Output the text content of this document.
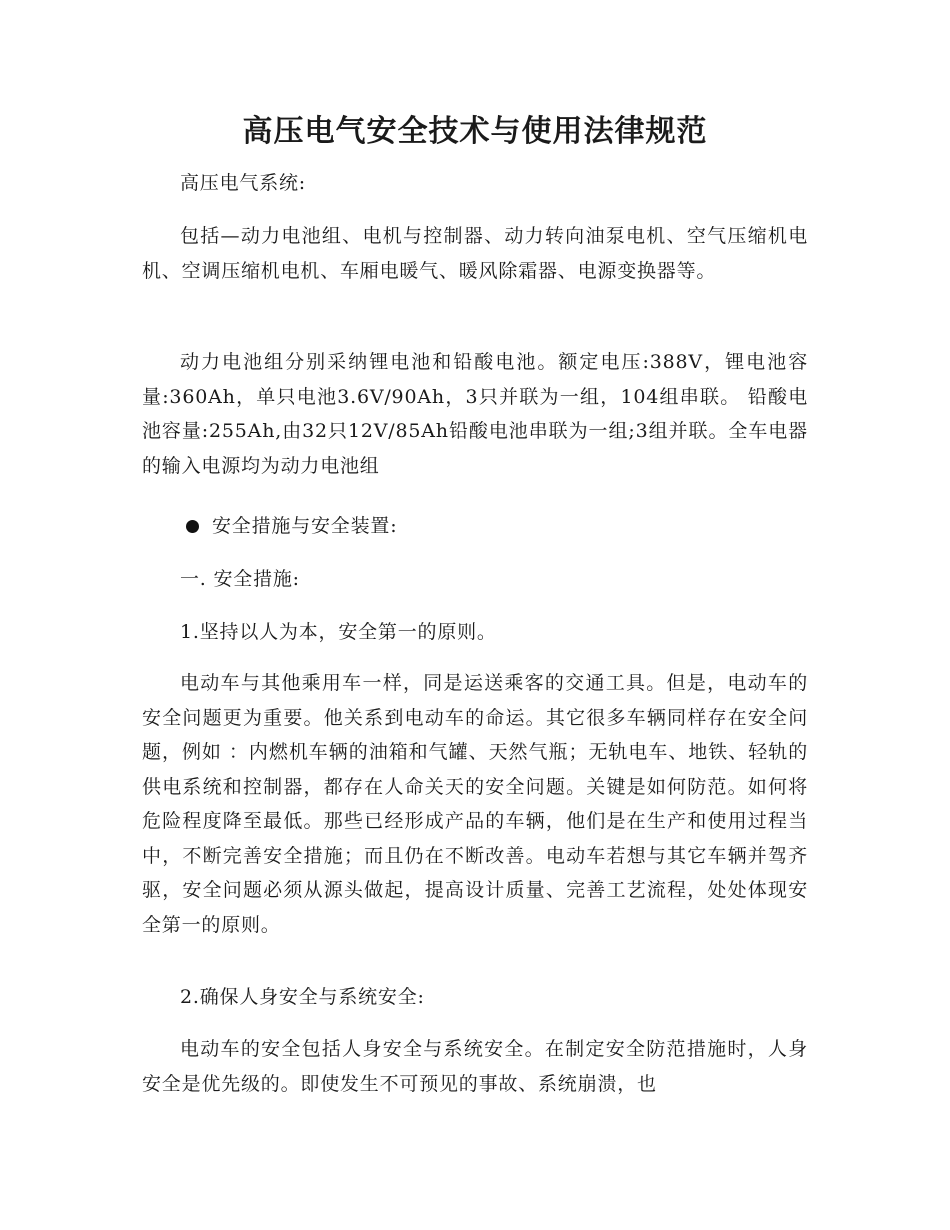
高压电气安全技术与使用法律规范

高压电气系统:

包括—动力电池组、电机与控制器、动力转向油泵电机、空气压缩机电机、空调压缩机电机、车厢电暖气、暖风除霜器、电源变换器等。

动力电池组分别采纳锂电池和铅酸电池。额定电压:388V，锂电池容量:360Ah，单只电池3.6V/90Ah，3只并联为一组，104组串联。 铅酸电池容量:255Ah,由32只12V/85Ah铅酸电池串联为一组;3组并联。全车电器的输入电源均为动力电池组

安全措施与安全装置:

一. 安全措施:

1.坚持以人为本，安全第一的原则。

电动车与其他乘用车一样，同是运送乘客的交通工具。但是，电动车的安全问题更为重要。他关系到电动车的命运。其它很多车辆同样存在安全问题，例如 ：内燃机车辆的油箱和气罐、天然气瓶；无轨电车、地铁、轻轨的供电系统和控制器，都存在人命关天的安全问题。关键是如何防范。如何将危险程度降至最低。那些已经形成产品的车辆，他们是在生产和使用过程当中，不断完善安全措施；而且仍在不断改善。电动车若想与其它车辆并驾齐驱，安全问题必须从源头做起，提高设计质量、完善工艺流程，处处体现安全第一的原则。

2.确保人身安全与系统安全:

电动车的安全包括人身安全与系统安全。在制定安全防范措施时，人身安全是优先级的。即使发生不可预见的事故、系统崩溃，也
